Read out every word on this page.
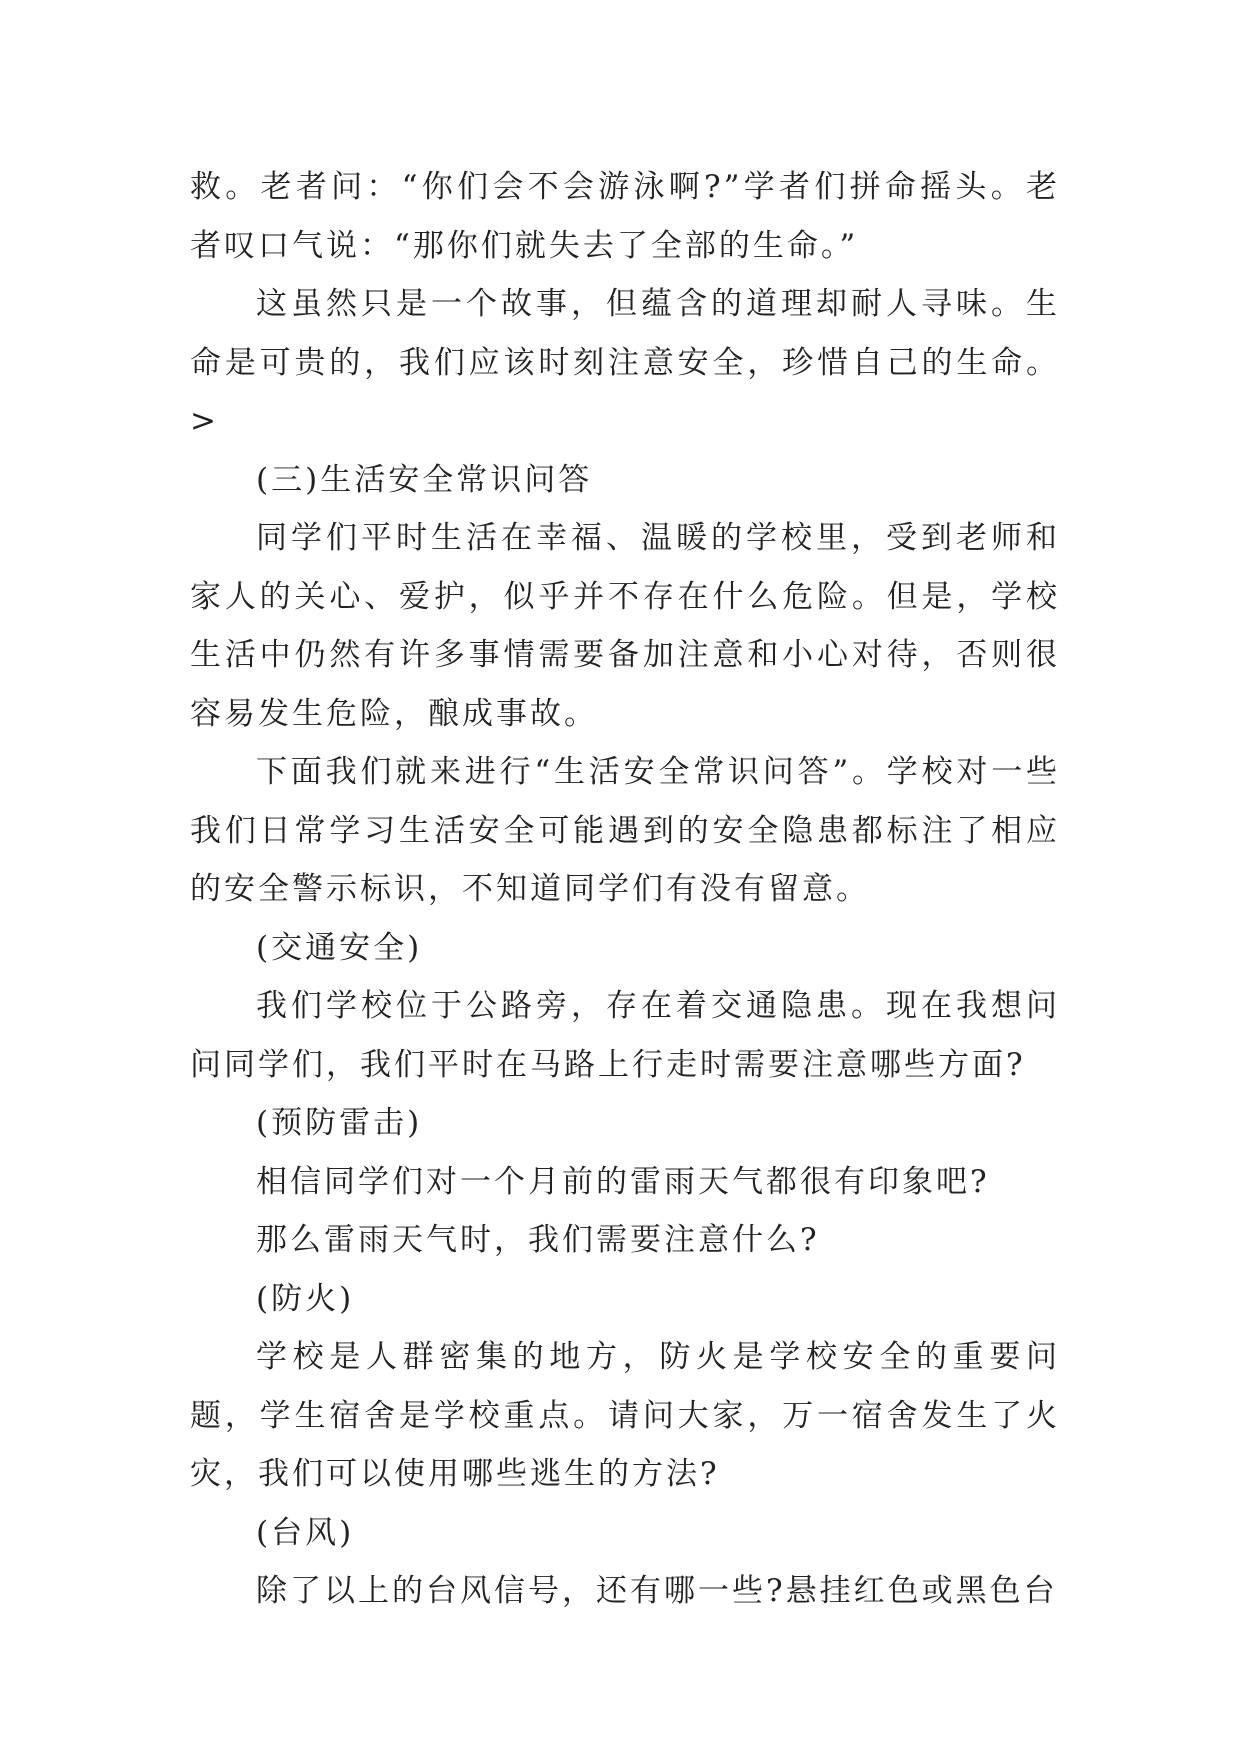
救。老者问：“你们会不会游泳啊?”学者们拼命摇头。老者叹口气说：“那你们就失去了全部的生命。”

这虽然只是一个故事，但蕴含的道理却耐人寻味。生命是可贵的，我们应该时刻注意安全，珍惜自己的生命。>

(三)生活安全常识问答

同学们平时生活在幸福、温暖的学校里，受到老师和家人的关心、爱护，似乎并不存在什么危险。但是，学校生活中仍然有许多事情需要备加注意和小心对待，否则很容易发生危险，酿成事故。

下面我们就来进行“生活安全常识问答”。学校对一些我们日常学习生活安全可能遇到的安全隐患都标注了相应的安全警示标识，不知道同学们有没有留意。

(交通安全)

我们学校位于公路旁，存在着交通隐患。现在我想问问同学们，我们平时在马路上行走时需要注意哪些方面?

(预防雷击)

相信同学们对一个月前的雷雨天气都很有印象吧?

那么雷雨天气时，我们需要注意什么?

(防火)

学校是人群密集的地方，防火是学校安全的重要问题，学生宿舍是学校重点。请问大家，万一宿舍发生了火灾，我们可以使用哪些逃生的方法?

(台风)

除了以上的台风信号，还有哪一些?悬挂红色或黑色台
